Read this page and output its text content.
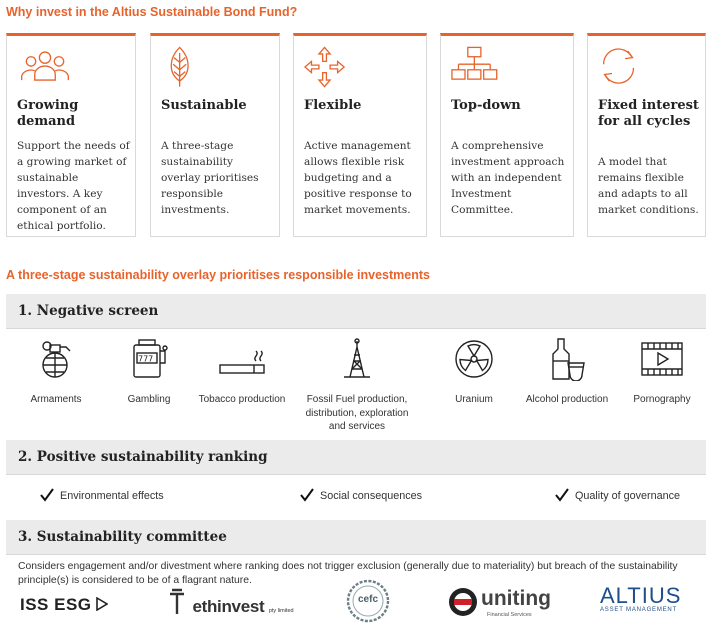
Why invest in the Altius Sustainable Bond Fund?
Growing demand
Support the needs of a growing market of sustainable investors. A key component of an ethical portfolio.
Sustainable
A three-stage sustainability overlay prioritises responsible investments.
Flexible
Active management allows flexible risk budgeting and a positive response to market movements.
Top-down
A comprehensive investment approach with an independent Investment Committee.
Fixed interest for all cycles
A model that remains flexible and adapts to all market conditions.
A three-stage sustainability overlay prioritises responsible investments
1. Negative screen
Armaments
777
Gambling	Tobacco production	Fossil Fuel production, distribution, exploration and services
Uranium	Alcohol production	Pornography
2. Positive sustainability ranking
Environmental effects	Social consequences	Quality of governance
3. Sustainability committee
Considers engagement and/or divestment where ranking does not trigger exclusion (generally due to materiality) but breach of the sustainability principle(s) is considered to be of a flagrant nature.
ISS ESG	ethinvest pty limited
cefc	uniting
Financial Services
ALTIUS
ASSET MANAGEMENT
